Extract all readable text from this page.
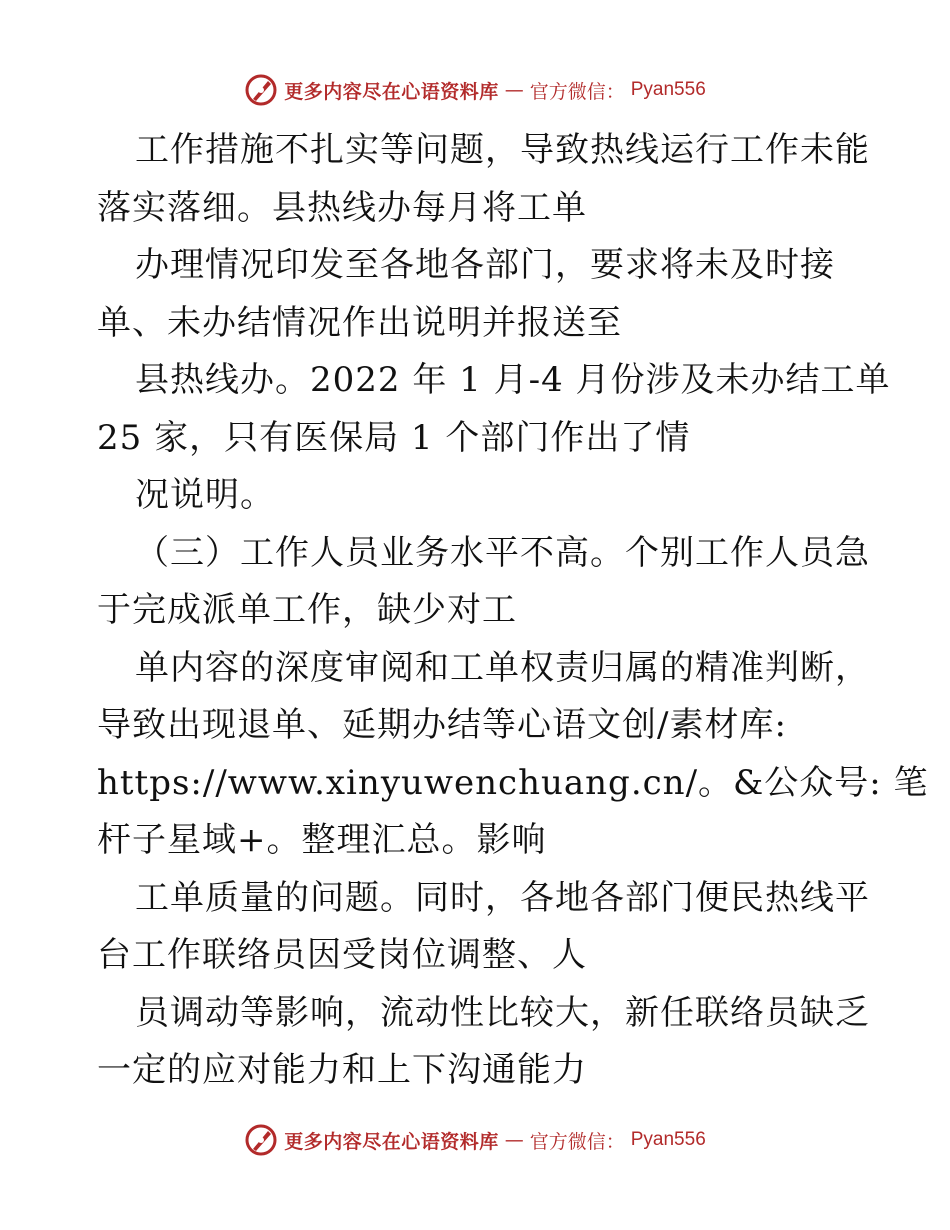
更多内容尽在心语资料库 — 官方微信： Pyan556
工作措施不扎实等问题，导致热线运行工作未能
落实落细。县热线办每月将工单
办理情况印发至各地各部门，要求将未及时接
单、未办结情况作出说明并报送至
县热线办。2022 年 1 月-4 月份涉及未办结工单
25 家，只有医保局 1 个部门作出了情
况说明。
（三）工作人员业务水平不高。个别工作人员急
于完成派单工作，缺少对工
单内容的深度审阅和工单权责归属的精准判断，
导致出现退单、延期办结等心语文创/素材库:
https://www.xinyuwenchuang.cn/。&公众号: 笔
杆子星域+。整理汇总。影响
工单质量的问题。同时，各地各部门便民热线平
台工作联络员因受岗位调整、人
员调动等影响，流动性比较大，新任联络员缺乏
一定的应对能力和上下沟通能力
更多内容尽在心语资料库 — 官方微信： Pyan556
